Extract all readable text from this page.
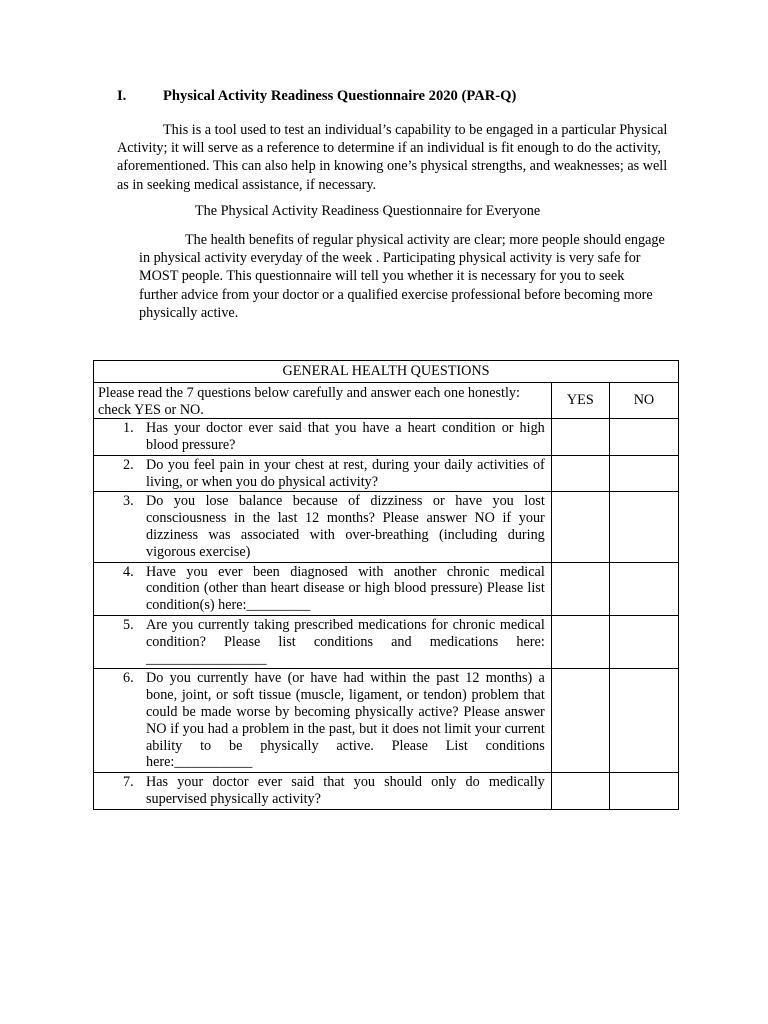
I.	Physical Activity Readiness Questionnaire 2020 (PAR-Q)

This is a tool used to test an individual’s capability to be engaged in a particular Physical Activity; it will serve as a reference to determine if an individual is fit enough to do the activity, aforementioned. This can also help in knowing one’s physical strengths, and weaknesses; as well as in seeking medical assistance, if necessary.

The Physical Activity Readiness Questionnaire for Everyone

The health benefits of regular physical activity are clear; more people should engage in physical activity everyday of the week . Participating physical activity is very safe for MOST people. This questionnaire will tell you whether it is necessary for you to seek further advice from your doctor or a qualified exercise professional before becoming more physically active.

GENERAL HEALTH QUESTIONS		
Please read the 7 questions below carefully and answer each one honestly: check YES or NO.	YES	NO

1. Has your doctor ever said that you have a heart condition or high blood pressure?		

2. Do you feel pain in your chest at rest, during your daily activities of living, or when you do physical activity?		

3. Do you lose balance because of dizziness or have you lost consciousness in the last 12 months? Please answer NO if your dizziness was associated with over-breathing (including during vigorous exercise)		

4. Have you ever been diagnosed with another chronic medical condition (other than heart disease or high blood pressure) Please list condition(s) here:_________		

5. Are you currently taking prescribed medications for chronic medical condition? Please list conditions and medications here: _________________		

6. Do you currently have (or have had within the past 12 months) a bone, joint, or soft tissue (muscle, ligament, or tendon) problem that could be made worse by becoming physically active? Please answer NO if you had a problem in the past, but it does not limit your current ability to be physically active. Please List conditions here:___________		

7. Has your doctor ever said that you should only do medically supervised physically activity?		
